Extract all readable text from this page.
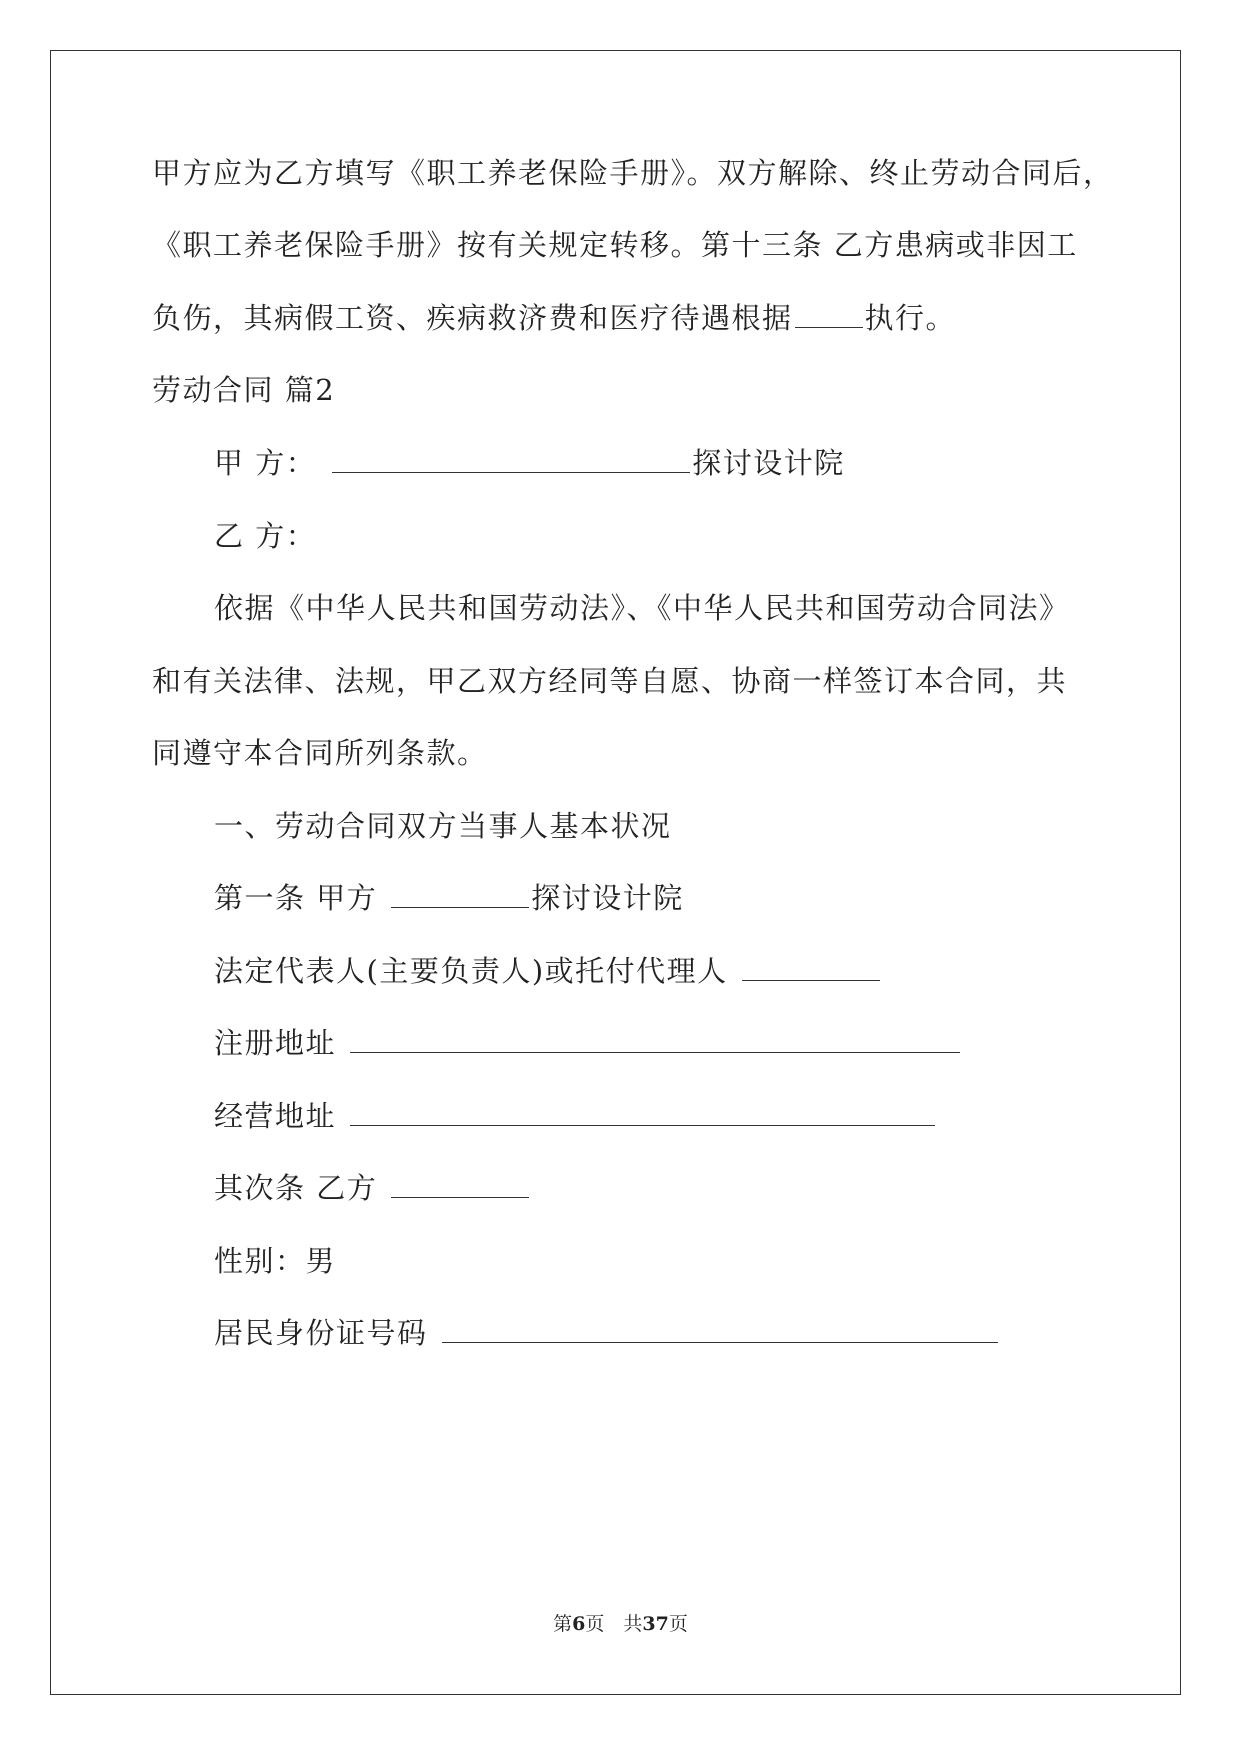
甲方应为乙方填写《职工养老保险手册》。双方解除、终止劳动合同后，
《职工养老保险手册》按有关规定转移。第十三条 乙方患病或非因工
负伤，其病假工资、疾病救济费和医疗待遇根据 执行。
劳动合同 篇2
甲 方：	探讨设计院
乙 方：
依据《中华人民共和国劳动法》、《中华人民共和国劳动合同法》
和有关法律、法规，甲乙双方经同等自愿、协商一样签订本合同，共
同遵守本合同所列条款。
一、劳动合同双方当事人基本状况
第一条 甲方	探讨设计院
法定代表人(主要负责人)或托付代理人
注册地址
经营地址
其次条 乙方
性别：男
居民身份证号码
第6页　共37页
